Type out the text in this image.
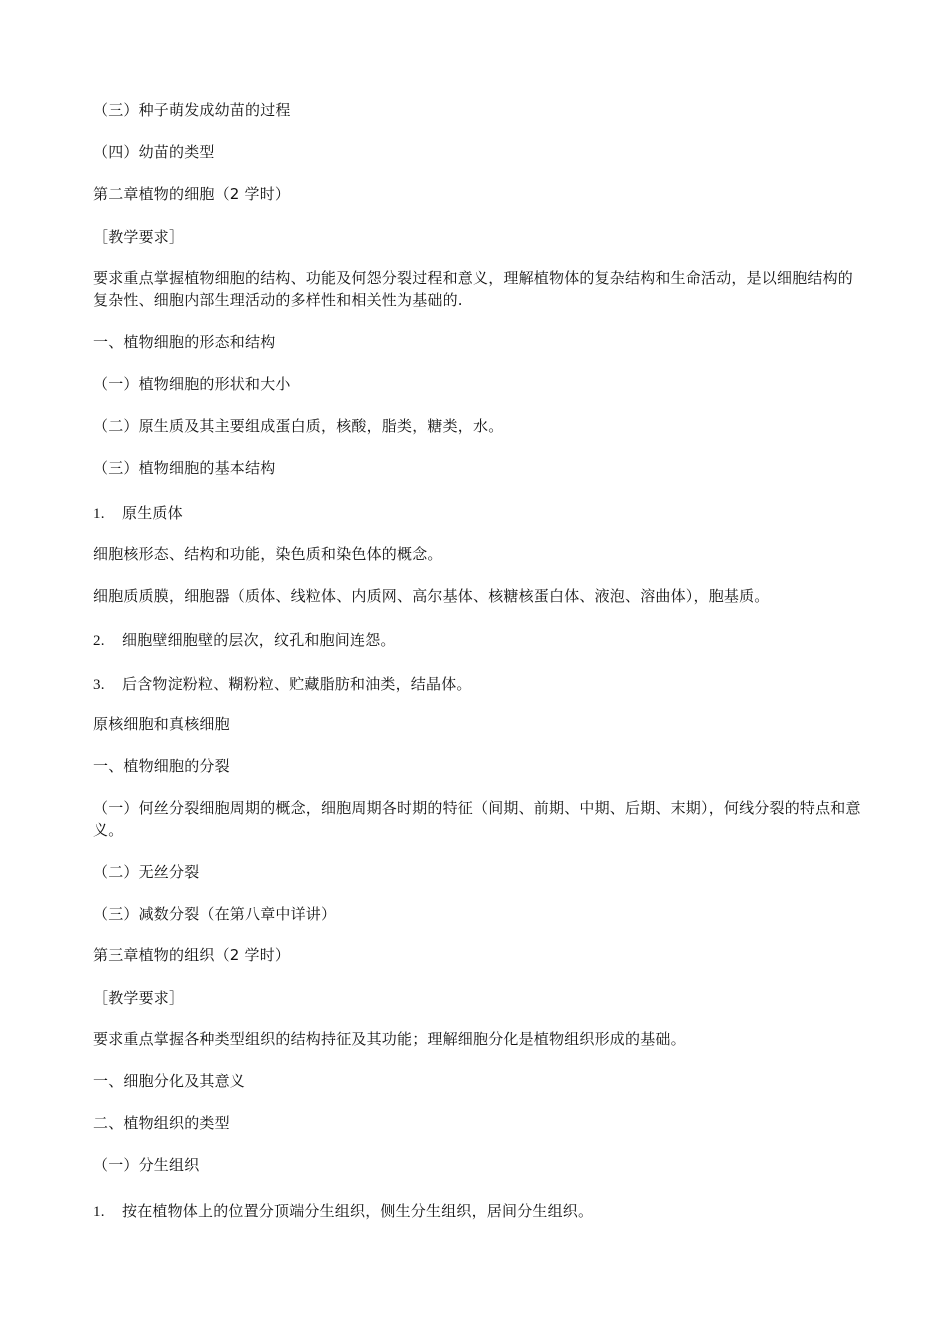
（三）种子萌发成幼苗的过程
（四）幼苗的类型
第二章植物的细胞（2 学时）
［教学要求］
要求重点掌握植物细胞的结构、功能及何怨分裂过程和意义，理解植物体的复杂结构和生命活动，是以细胞结构的复杂性、细胞内部生理活动的多样性和相关性为基础的.
一、植物细胞的形态和结构
（一）植物细胞的形状和大小
（二）原生质及其主要组成蛋白质，核酸，脂类，糖类，水。
（三）植物细胞的基本结构
1. 原生质体
细胞核形态、结构和功能，染色质和染色体的概念。
细胞质质膜，细胞器（质体、线粒体、内质网、高尔基体、核糖核蛋白体、液泡、溶曲体），胞基质。
2. 细胞壁细胞壁的层次，纹孔和胞间连怨。
3. 后含物淀粉粒、糊粉粒、贮藏脂肪和油类，结晶体。
原核细胞和真核细胞
一、植物细胞的分裂
（一）何丝分裂细胞周期的概念，细胞周期各时期的特征（间期、前期、中期、后期、末期），何线分裂的特点和意义。
（二）无丝分裂
（三）减数分裂（在第八章中详讲）
第三章植物的组织（2 学时）
［教学要求］
要求重点掌握各种类型组织的结构持征及其功能；理解细胞分化是植物组织形成的基础。
一、细胞分化及其意义
二、植物组织的类型
（一）分生组织
1. 按在植物体上的位置分顶端分生组织，侧生分生组织，居间分生组织。
